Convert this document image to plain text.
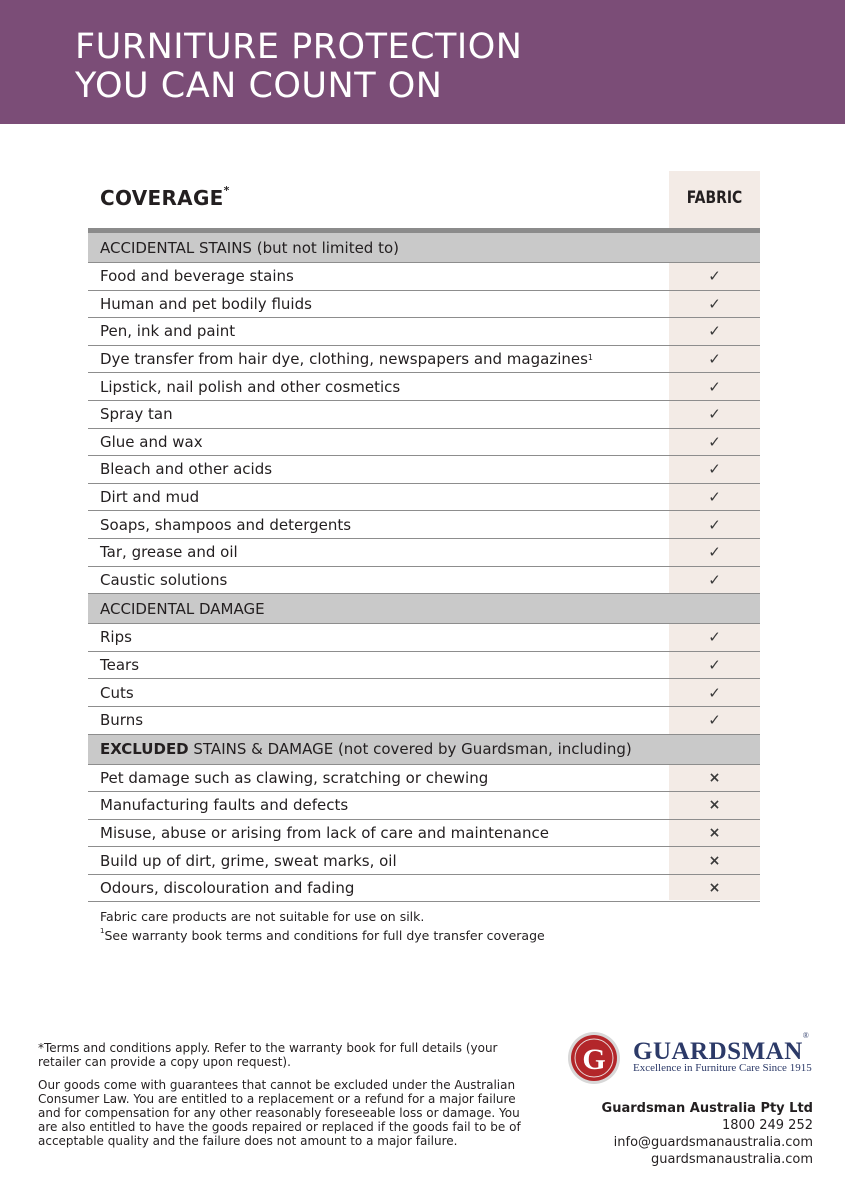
FURNITURE PROTECTION
YOU CAN COUNT ON
COVERAGE*	FABRIC
ACCIDENTAL STAINS (but not limited to)
Food and beverage stains	✓
Human and pet bodily fluids	✓
Pen, ink and paint	✓
Dye transfer from hair dye, clothing, newspapers and magazines$^1$	✓
Lipstick, nail polish and other cosmetics	✓
Spray tan	✓
Glue and wax	✓
Bleach and other acids	✓
Dirt and mud	✓
Soaps, shampoos and detergents	✓
Tar, grease and oil	✓
Caustic solutions	✓
ACCIDENTAL DAMAGE
Rips	✓
Tears	✓
Cuts	✓
Burns	✓
EXCLUDED STAINS & DAMAGE (not covered by Guardsman, including)
Pet damage such as clawing, scratching or chewing	×
Manufacturing faults and defects	×
Misuse, abuse or arising from lack of care and maintenance	×
Build up of dirt, grime, sweat marks, oil	×
Odours, discolouration and fading	×
Fabric care products are not suitable for use on silk.
$^1$See warranty book terms and conditions for full dye transfer coverage

*Terms and conditions apply. Refer to the warranty book for full details (your retailer can provide a copy upon request).

Our goods come with guarantees that cannot be excluded under the Australian Consumer Law. You are entitled to a replacement or a refund for a major failure and for compensation for any other reasonably foreseeable loss or damage. You are also entitled to have the goods repaired or replaced if the goods fail to be of acceptable quality and the failure does not amount to a major failure.

G GUARDSMAN®
Excellence in Furniture Care Since 1915
Guardsman Australia Pty Ltd
1800 249 252
info@guardsmanaustralia.com
guardsmanaustralia.com
